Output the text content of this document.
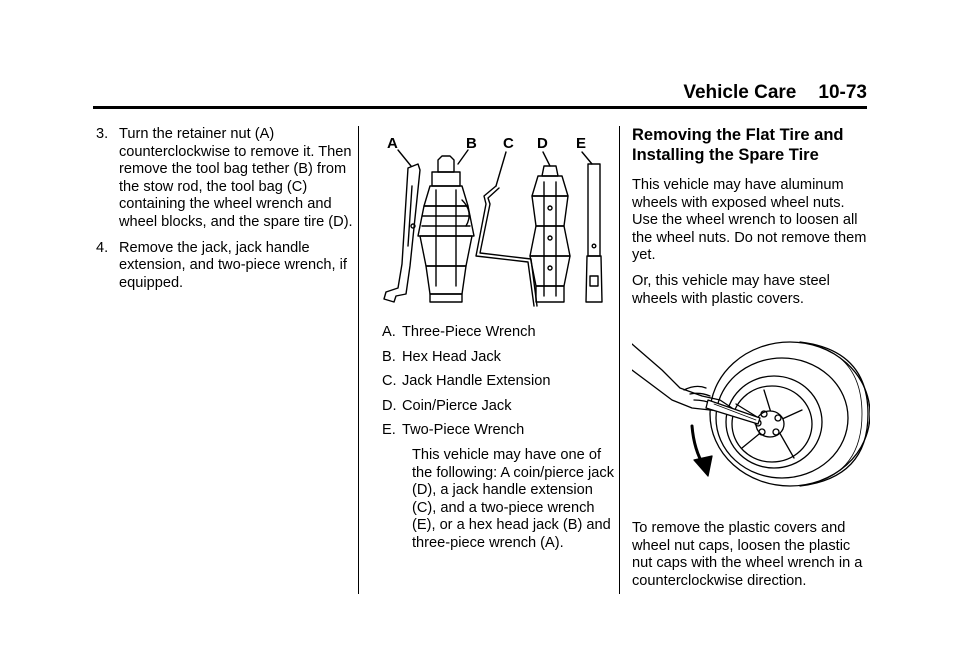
Vehicle Care 10-73
3. Turn the retainer nut (A) counterclockwise to remove it. Then remove the tool bag tether (B) from the stow rod, the tool bag (C) containing the wheel wrench and wheel blocks, and the spare tire (D).
4. Remove the jack, jack handle extension, and two-piece wrench, if equipped.
A	B C D E
A. Three-Piece Wrench
B. Hex Head Jack
C. Jack Handle Extension
D. Coin/Pierce Jack
E. Two-Piece Wrench

This vehicle may have one of the following: A coin/pierce jack (D), a jack handle extension (C), and a two-piece wrench (E), or a hex head jack (B) and three-piece wrench (A).

Removing the Flat Tire and Installing the Spare Tire

This vehicle may have aluminum wheels with exposed wheel nuts. Use the wheel wrench to loosen all the wheel nuts. Do not remove them yet.

Or, this vehicle may have steel wheels with plastic covers.

To remove the plastic covers and wheel nut caps, loosen the plastic nut caps with the wheel wrench in a counterclockwise direction.
